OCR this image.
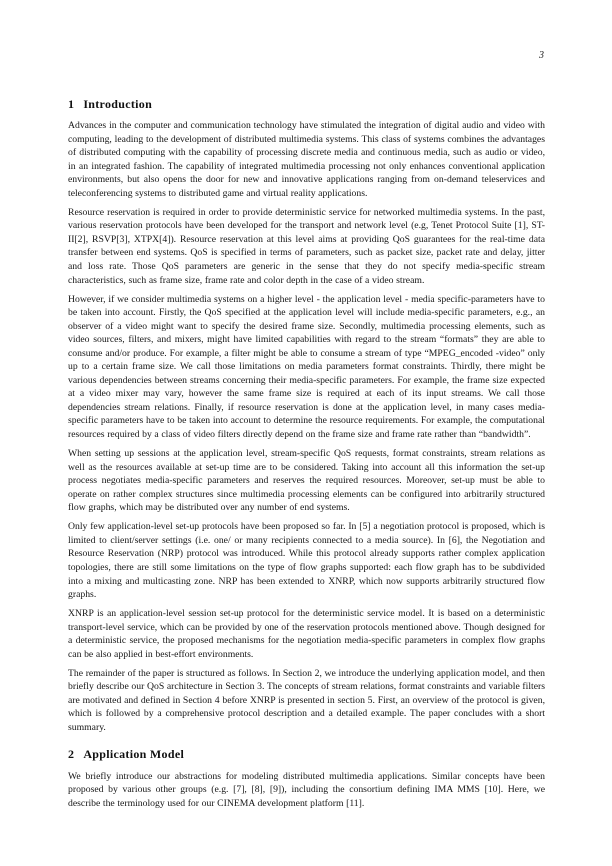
3
1 Introduction

Advances in the computer and communication technology have stimulated the integration of digital audio and video with computing, leading to the development of distributed multimedia systems. This class of systems combines the advantages of distributed computing with the capability of processing discrete media and continuous media, such as audio or video, in an integrated fashion. The capability of integrated multimedia processing not only enhances conventional application environments, but also opens the door for new and innovative applications ranging from on-demand teleservices and teleconferencing systems to distributed game and virtual reality applications.

Resource reservation is required in order to provide deterministic service for networked multimedia systems. In the past, various reservation protocols have been developed for the transport and network level (e.g, Tenet Protocol Suite [1], ST-II[2], RSVP[3], XTPX[4]). Resource reservation at this level aims at providing QoS guarantees for the real-time data transfer between end systems. QoS is specified in terms of parameters, such as packet size, packet rate and delay, jitter and loss rate. Those QoS parameters are generic in the sense that they do not specify media-specific stream characteristics, such as frame size, frame rate and color depth in the case of a video stream.

However, if we consider multimedia systems on a higher level - the application level - media specific-parameters have to be taken into account. Firstly, the QoS specified at the application level will include media-specific parameters, e.g., an observer of a video might want to specify the desired frame size. Secondly, multimedia processing elements, such as video sources, filters, and mixers, might have limited capabilities with regard to the stream “formats” they are able to consume and/or produce. For example, a filter might be able to consume a stream of type “MPEG_encoded -video” only up to a certain frame size. We call those limitations on media parameters format constraints. Thirdly, there might be various dependencies between streams concerning their media-specific parameters. For example, the frame size expected at a video mixer may vary, however the same frame size is required at each of its input streams. We call those dependencies stream relations. Finally, if resource reservation is done at the application level, in many cases media-specific parameters have to be taken into account to determine the resource requirements. For example, the computational resources required by a class of video filters directly depend on the frame size and frame rate rather than “bandwidth”.

When setting up sessions at the application level, stream-specific QoS requests, format constraints, stream relations as well as the resources available at set-up time are to be considered. Taking into account all this information the set-up process negotiates media-specific parameters and reserves the required resources. Moreover, set-up must be able to operate on rather complex structures since multimedia processing elements can be configured into arbitrarily structured flow graphs, which may be distributed over any number of end systems.

Only few application-level set-up protocols have been proposed so far. In [5] a negotiation protocol is proposed, which is limited to client/server settings (i.e. one/ or many recipients connected to a media source). In [6], the Negotiation and Resource Reservation (NRP) protocol was introduced. While this protocol already supports rather complex application topologies, there are still some limitations on the type of flow graphs supported: each flow graph has to be subdivided into a mixing and multicasting zone. NRP has been extended to XNRP, which now supports arbitrarily structured flow graphs.

XNRP is an application-level session set-up protocol for the deterministic service model. It is based on a deterministic transport-level service, which can be provided by one of the reservation protocols mentioned above. Though designed for a deterministic service, the proposed mechanisms for the negotiation media-specific parameters in complex flow graphs can be also applied in best-effort environments.

The remainder of the paper is structured as follows. In Section 2, we introduce the underlying application model, and then briefly describe our QoS architecture in Section 3. The concepts of stream relations, format constraints and variable filters are motivated and defined in Section 4 before XNRP is presented in section 5. First, an overview of the protocol is given, which is followed by a comprehensive protocol description and a detailed example. The paper concludes with a short summary.

2 Application Model

We briefly introduce our abstractions for modeling distributed multimedia applications. Similar concepts have been proposed by various other groups (e.g. [7], [8], [9]), including the consortium defining IMA MMS [10]. Here, we describe the terminology used for our CINEMA development platform [11].
